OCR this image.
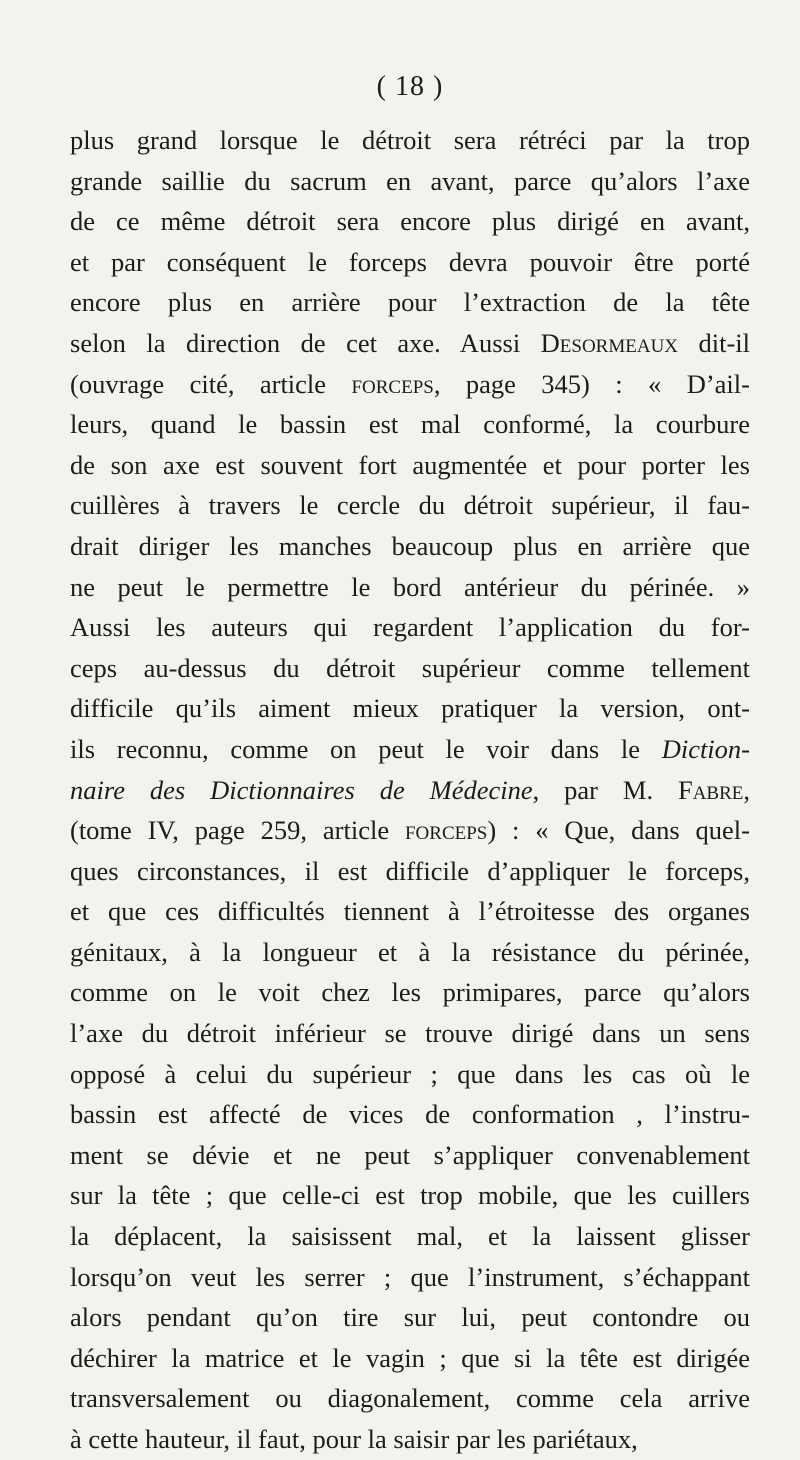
( 18 )
plus grand lorsque le détroit sera rétréci par la trop
grande saillie du sacrum en avant, parce qu’alors l’axe
de ce même détroit sera encore plus dirigé en avant,
et par conséquent le forceps devra pouvoir être porté
encore plus en arrière pour l’extraction de la tête
selon la direction de cet axe. Aussi Desormeaux dit-il
(ouvrage cité, article forceps, page 345) : « D’ail-
leurs, quand le bassin est mal conformé, la courbure
de son axe est souvent fort augmentée et pour porter les
cuillères à travers le cercle du détroit supérieur, il fau-
drait diriger les manches beaucoup plus en arrière que
ne peut le permettre le bord antérieur du périnée. »
Aussi les auteurs qui regardent l’application du for-
ceps au-dessus du détroit supérieur comme tellement
difficile qu’ils aiment mieux pratiquer la version, ont-
ils reconnu, comme on peut le voir dans le Diction-
naire des Dictionnaires de Médecine, par M. Fabre,
(tome IV, page 259, article forceps) : « Que, dans quel-
ques circonstances, il est difficile d’appliquer le forceps,
et que ces difficultés tiennent à l’étroitesse des organes
génitaux, à la longueur et à la résistance du périnée,
comme on le voit chez les primipares, parce qu’alors
l’axe du détroit inférieur se trouve dirigé dans un sens
opposé à celui du supérieur ; que dans les cas où le
bassin est affecté de vices de conformation , l’instru-
ment se dévie et ne peut s’appliquer convenablement
sur la tête ; que celle-ci est trop mobile, que les cuillers
la déplacent, la saisissent mal, et la laissent glisser
lorsqu’on veut les serrer ; que l’instrument, s’échappant
alors pendant qu’on tire sur lui, peut contondre ou
déchirer la matrice et le vagin ; que si la tête est dirigée
transversalement ou diagonalement, comme cela arrive
à cette hauteur, il faut, pour la saisir par les pariétaux,
